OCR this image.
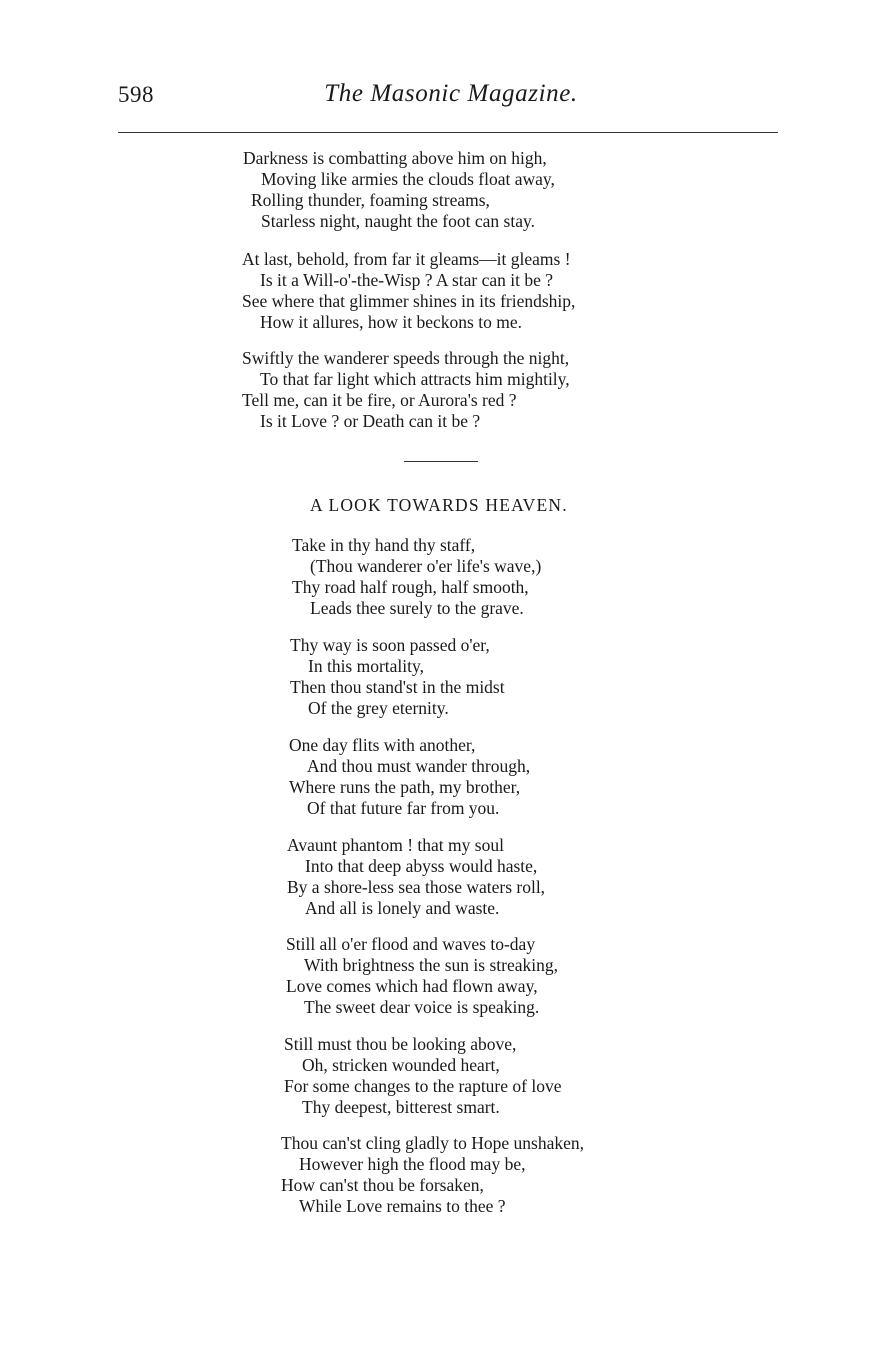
598	The Masonic Magazine.
Darkness is combatting above him on high,
Moving like armies the clouds float away,
Rolling thunder, foaming streams,
Starless night, naught the foot can stay.
At last, behold, from far it gleams—it gleams !
Is it a Will-o'-the-Wisp ? A star can it be ?
See where that glimmer shines in its friendship,
How it allures, how it beckons to me.
Swiftly the wanderer speeds through the night,
To that far light which attracts him mightily,
Tell me, can it be fire, or Aurora's red ?
Is it Love ? or Death can it be ?
A LOOK TOWARDS HEAVEN.
Take in thy hand thy staff,
(Thou wanderer o'er life's wave,)
Thy road half rough, half smooth,
Leads thee surely to the grave.
Thy way is soon passed o'er,
In this mortality,
Then thou stand'st in the midst
Of the grey eternity.
One day flits with another,
And thou must wander through,
Where runs the path, my brother,
Of that future far from you.
Avaunt phantom ! that my soul
Into that deep abyss would haste,
By a shore-less sea those waters roll,
And all is lonely and waste.
Still all o'er flood and waves to-day
With brightness the sun is streaking,
Love comes which had flown away,
The sweet dear voice is speaking.
Still must thou be looking above,
Oh, stricken wounded heart,
For some changes to the rapture of love
Thy deepest, bitterest smart.
Thou can'st cling gladly to Hope unshaken,
However high the flood may be,
How can'st thou be forsaken,
While Love remains to thee ?
